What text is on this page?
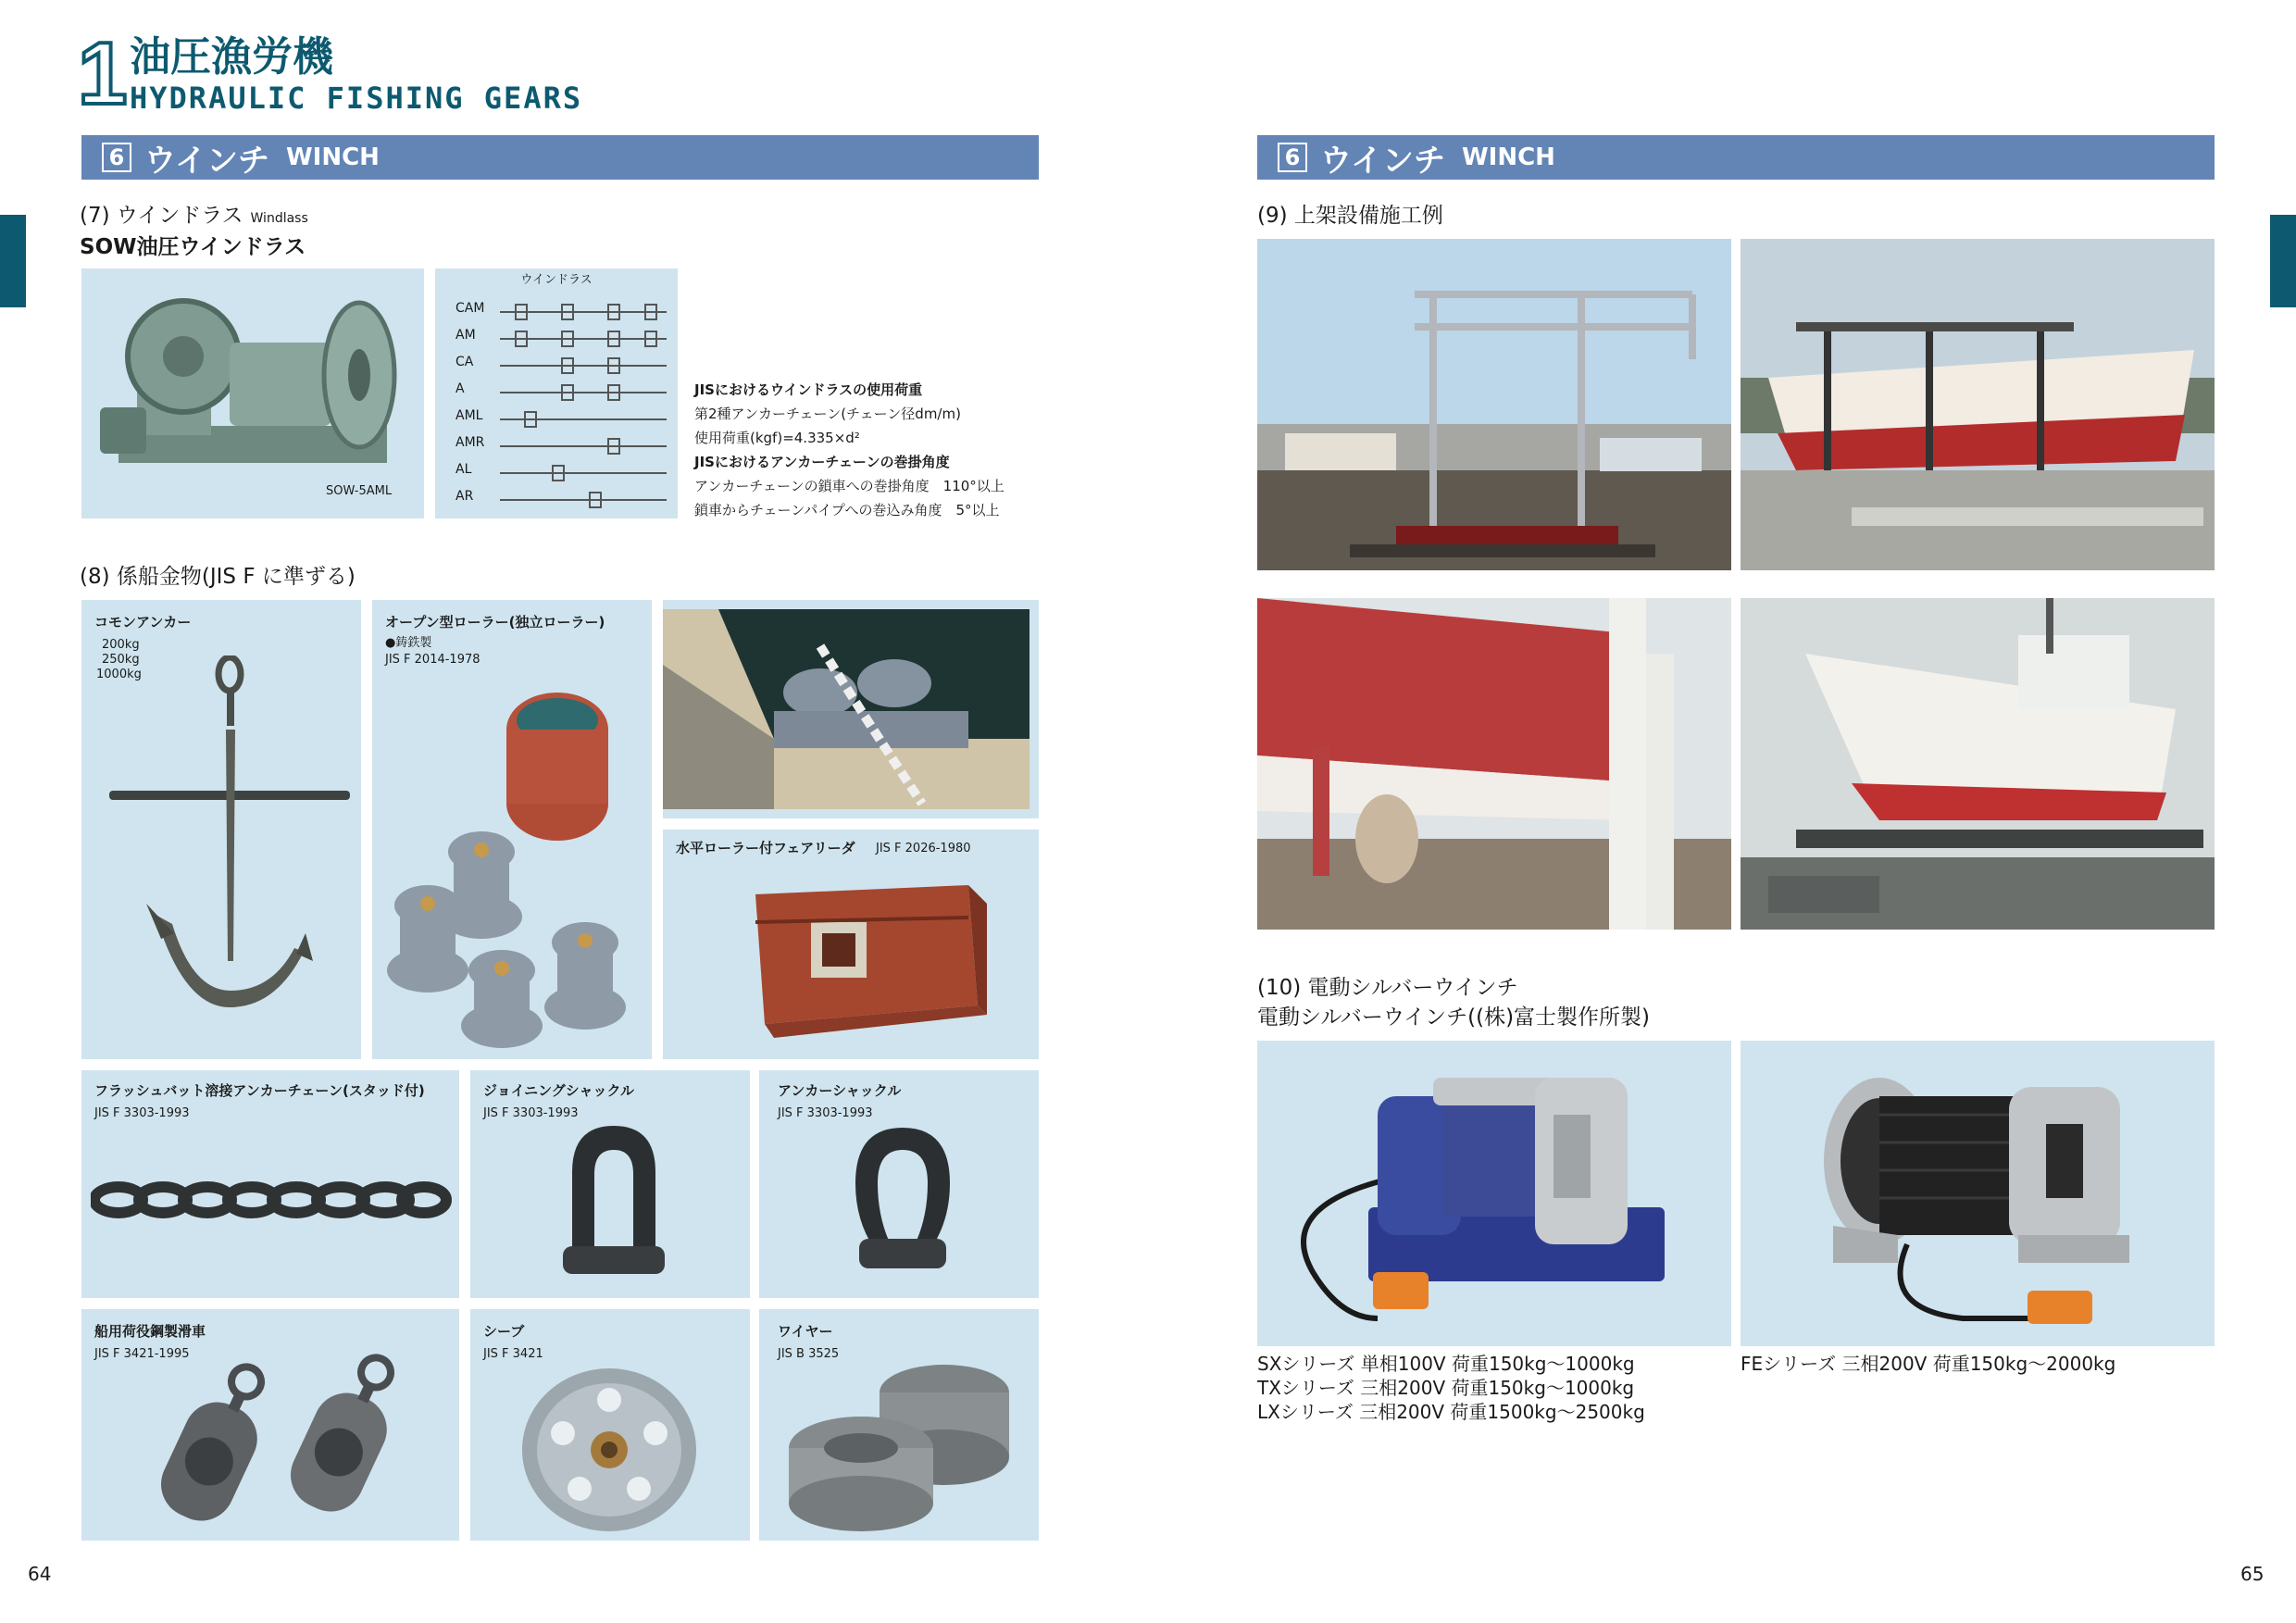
1 油圧漁労機
HYDRAULIC FISHING GEARS
6 ウインチ WINCH	6 ウインチ WINCH
(7) ウインドラス Windlass
SOW油圧ウインドラス
SOW-5AML
ウインドラス
CAM
AM
CA
A
AML
AMR
AL
AR
JISにおけるウインドラスの使用荷重
第2種アンカーチェーン(チェーン径dm/m)
使用荷重(kgf)=4.335×d²
JISにおけるアンカーチェーンの巻掛角度
アンカーチェーンの鎖車への巻掛角度　110°以上
鎖車からチェーンパイプへの巻込み角度　5°以上
(8) 係船金物(JIS F に準ずる)
コモンアンカー
200kg
250kg
1000kg
オープン型ローラー(独立ローラー)
●鋳鉄製
JIS F 2014-1978
水平ローラー付フェアリーダ JIS F 2026-1980
フラッシュバット溶接アンカーチェーン(スタッド付)
JIS F 3303-1993
ジョイニングシャックル
JIS F 3303-1993
アンカーシャックル
JIS F 3303-1993
船用荷役鋼製滑車
JIS F 3421-1995
シーブ
JIS F 3421
ワイヤー
JIS B 3525
64
(9) 上架設備施工例
(10) 電動シルバーウインチ
電動シルバーウインチ((株)富士製作所製)
SXシリーズ 単相100V 荷重150kg〜1000kg
TXシリーズ 三相200V 荷重150kg〜1000kg
LXシリーズ 三相200V 荷重1500kg〜2500kg
FEシリーズ 三相200V 荷重150kg〜2000kg
65
